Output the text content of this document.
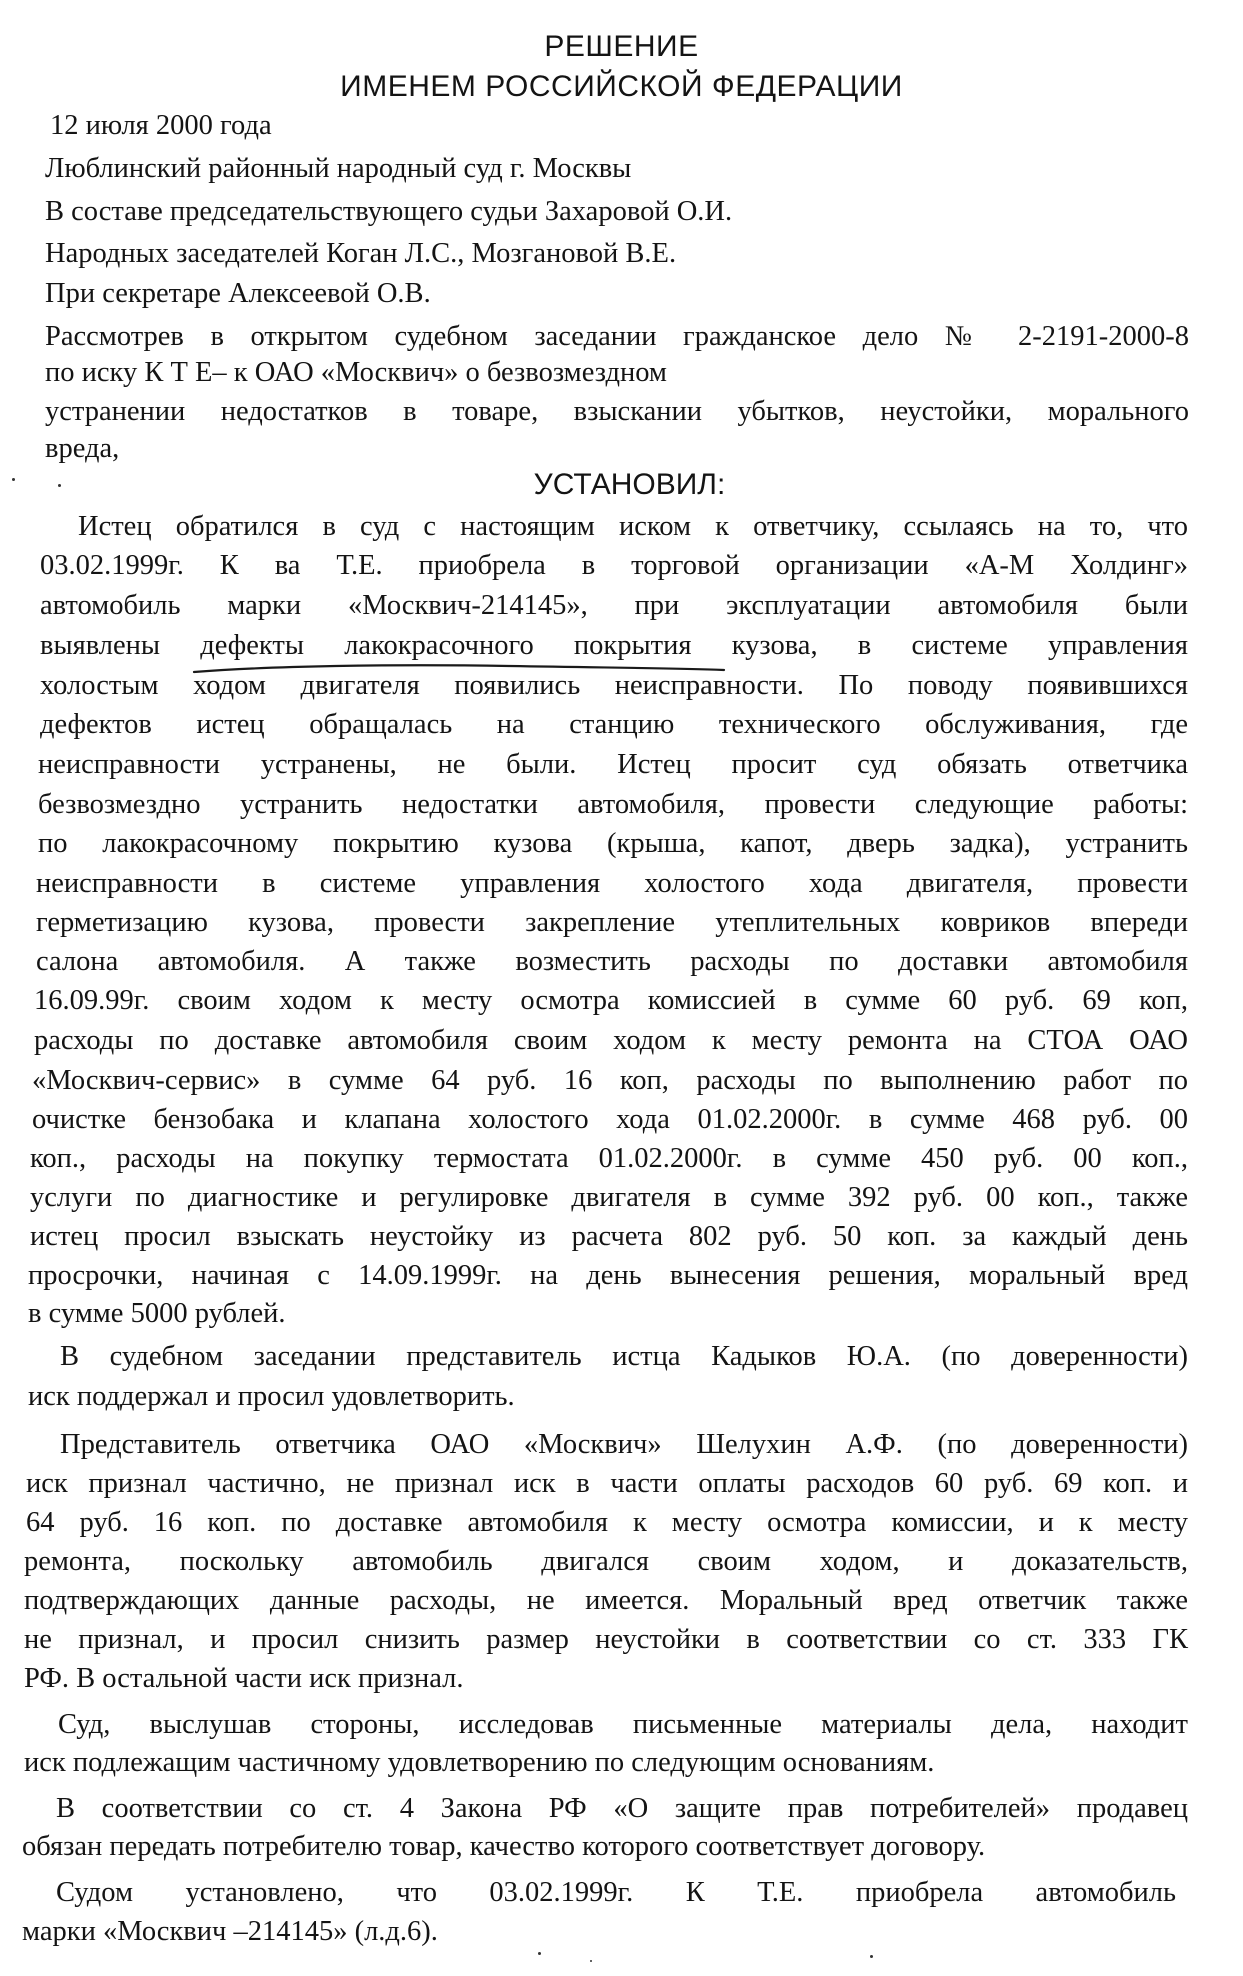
РЕШЕНИЕ
ИМЕНЕМ РОССИЙСКОЙ ФЕДЕРАЦИИ
12 июля 2000 года
Люблинский районный народный суд г. Москвы
В составе председательствующего судьи Захаровой О.И.
Народных заседателей Коган Л.С., Мозгановой В.Е.
При секретаре Алексеевой О.В.
Рассмотрев в открытом судебном заседании гражданское дело № 2-2191-2000-8
по иску К Т Е– к ОАО «Москвич» о безвозмездном
устранении недостатков в товаре, взыскании убытков, неустойки, морального
вреда,
УСТАНОВИЛ:
Истец обратился в суд с настоящим иском к ответчику, ссылаясь на то, что
03.02.1999г. К ва Т.Е. приобрела в торговой организации «А-М Холдинг»
автомобиль марки «Москвич-214145», при эксплуатации автомобиля были
выявлены дефекты лакокрасочного покрытия кузова, в системе управления
холостым ходом двигателя появились неисправности. По поводу появившихся
дефектов истец обращалась на станцию технического обслуживания, где
неисправности устранены, не были. Истец просит суд обязать ответчика
безвозмездно устранить недостатки автомобиля, провести следующие работы:
по лакокрасочному покрытию кузова (крыша, капот, дверь задка), устранить
неисправности в системе управления холостого хода двигателя, провести
герметизацию кузова, провести закрепление утеплительных ковриков впереди
салона автомобиля. А также возместить расходы по доставки автомобиля
16.09.99г. своим ходом к месту осмотра комиссией в сумме 60 руб. 69 коп,
расходы по доставке автомобиля своим ходом к месту ремонта на СТОА ОАО
«Москвич-сервис» в сумме 64 руб. 16 коп, расходы по выполнению работ по
очистке бензобака и клапана холостого хода 01.02.2000г. в сумме 468 руб. 00
коп., расходы на покупку термостата 01.02.2000г. в сумме 450 руб. 00 коп.,
услуги по диагностике и регулировке двигателя в сумме 392 руб. 00 коп., также
истец просил взыскать неустойку из расчета 802 руб. 50 коп. за каждый день
просрочки, начиная с 14.09.1999г. на день вынесения решения, моральный вред
в сумме 5000 рублей.
В судебном заседании представитель истца Кадыков Ю.А. (по доверенности)
иск поддержал и просил удовлетворить.
Представитель ответчика ОАО «Москвич» Шелухин А.Ф. (по доверенности)
иск признал частично, не признал иск в части оплаты расходов 60 руб. 69 коп. и
64 руб. 16 коп. по доставке автомобиля к месту осмотра комиссии, и к месту
ремонта, поскольку автомобиль двигался своим ходом, и доказательств,
подтверждающих данные расходы, не имеется. Моральный вред ответчик также
не признал, и просил снизить размер неустойки в соответствии со ст. 333 ГК
РФ. В остальной части иск признал.
Суд, выслушав стороны, исследовав письменные материалы дела, находит
иск подлежащим частичному удовлетворению по следующим основаниям.
В соответствии со ст. 4 Закона РФ «О защите прав потребителей» продавец
обязан передать потребителю товар, качество которого соответствует договору.
Судом установлено, что 03.02.1999г. К Т.Е. приобрела автомобиль
марки «Москвич –214145» (л.д.6).
